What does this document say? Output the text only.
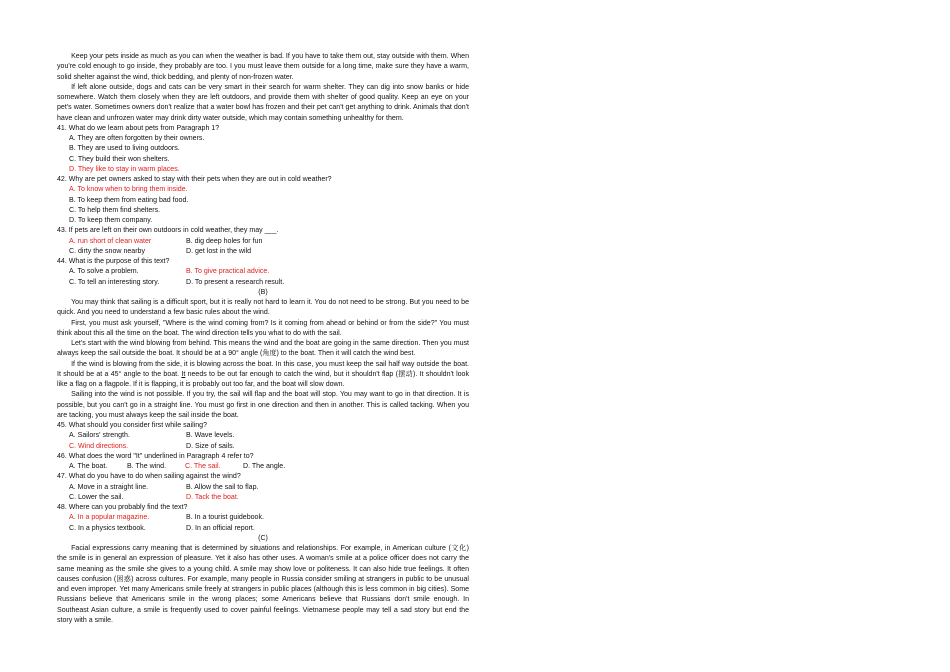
Keep your pets inside as much as you can when the weather is bad. If you have to take them out, stay outside with them. When you're cold enough to go inside, they probably are too. I you must leave them outside for a long time, make sure they have a warm, solid shelter against the wind, thick bedding, and plenty of non-frozen water.

If left alone outside, dogs and cats can be very smart in their search for warm shelter. They can dig into snow banks or hide somewhere. Watch them closely when they are left outdoors, and provide them with shelter of good quality. Keep an eye on your pet's water. Sometimes owners don't realize that a water bowl has frozen and their pet can't get anything to drink. Animals that don't have clean and unfrozen water may drink dirty water outside, which may contain something unhealthy for them.

41. What do we learn about pets from Paragraph 1?

A. They are often forgotten by their owners.

B. They are used to living outdoors.

C. They build their won shelters.

D. They like to stay in warm places.

42. Why are pet owners asked to stay with their pets when they are out in cold weather?

A. To know when to bring them inside.

B. To keep them from eating bad food.

C. To help them find shelters.

D. To keep them company.

43. If pets are left on their own outdoors in cold weather, they may ___.

A. run short of clean water	B. dig deep holes for fun
C. dirty the snow nearby	D. get lost in the wild

44. What is the purpose of this text?

A. To solve a problem.	B. To give practical advice.
C. To tell an interesting story.	D. To present a research result.

(B)

You may think that sailing is a difficult sport, but it is really not hard to learn it. You do not need to be strong. But you need to be quick. And you need to understand a few basic rules about the wind.

First, you must ask yourself, "Where is the wind coming from? Is it coming from ahead or behind or from the side?" You must think about this all the time on the boat. The wind direction tells you what to do with the sail.

Let's start with the wind blowing from behind. This means the wind and the boat are going in the same direction. Then you must always keep the sail outside the boat. It should be at a 90° angle (角度) to the boat. Then it will catch the wind best.

If the wind is blowing from the side, it is blowing across the boat. In this case, you must keep the sail half way outside the boat. It should be at a 45° angle to the boat. It needs to be out far enough to catch the wind, but it shouldn't flap (摆动). It shouldn't look like a flag on a flagpole. If it is flapping, it is probably out too far, and the boat will slow down.

Sailing into the wind is not possible. If you try, the sail will flap and the boat will stop. You may want to go in that direction. It is possible, but you can't go in a straight line. You must go first in one direction and then in another. This is called tacking. When you are tacking, you must always keep the sail inside the boat.

45. What should you consider first while sailing?

A. Sailors' strength.	B. Wave levels.
C. Wind directions.	D. Size of sails.

46. What does the word "It" underlined in Paragraph 4 refer to?

A. The boat.	B. The wind.	C. The sail.	D. The angle.

47. What do you have to do when sailing against the wind?

A. Move in a straight line.	B. Allow the sail to flap.
C. Lower the sail.	D. Tack the boat.

48. Where can you probably find the text?

A. In a popular magazine.	B. In a tourist guidebook.
C. In a physics textbook.	D. In an official report.

(C)

Facial expressions carry meaning that is determined by situations and relationships. For example, in American culture (文化) the smile is in general an expression of pleasure. Yet it also has other uses. A woman's smile at a police officer does not carry the same meaning as the smile she gives to a young child. A smile may show love or politeness. It can also hide true feelings. It often causes confusion (困惑) across cultures. For example, many people in Russia consider smiling at strangers in public to be unusual and even improper. Yet many Americans smile freely at strangers in public places (although this is less common in big cities). Some Russians believe that Americans smile in the wrong places; some Americans believe that Russians don't smile enough. In Southeast Asian culture, a smile is frequently used to cover painful feelings. Vietnamese people may tell a sad story but end the story with a smile.
